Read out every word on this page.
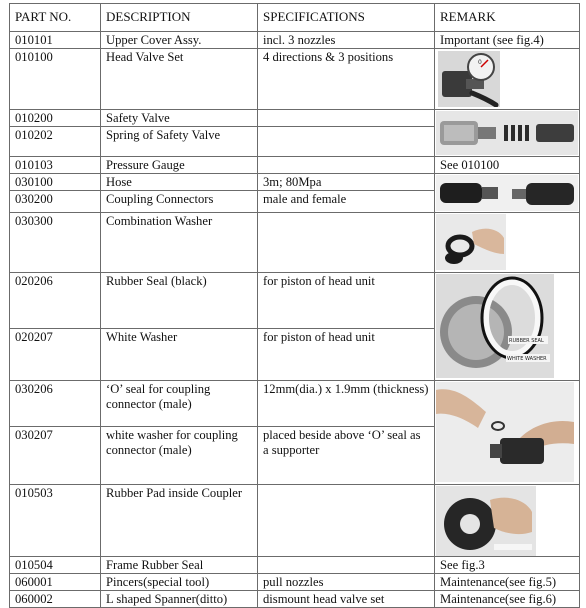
PART NO.	DESCRIPTION	SPECIFICATIONS	REMARK
010101	Upper Cover Assy.	incl. 3 nozzles	Important (see fig.4)
010100	Head Valve Set	4 directions & 3 positions	0

010200	Safety Valve		

010202	Spring of Safety Valve		
010103	Pressure Gauge		See 010100
030100	Hose	3m; 80Mpa	

030200	Coupling Connectors	male and female	
030300	Combination Washer		

020206	Rubber Seal (black)	for piston of head unit	RUBBER SEAL
WHITE WASHER

020207	White Washer	for piston of head unit	
030206	‘O’ seal for coupling connector (male)	12mm(dia.) x 1.9mm (thickness)	

030207	white washer for coupling connector (male)	placed beside above ‘O’ seal as a supporter	
010503	Rubber Pad inside Coupler		

010504	Frame Rubber Seal		See fig.3
060001	Pincers(special tool)	pull nozzles	Maintenance(see fig.5)
060002	L shaped Spanner(ditto)	dismount head valve set	Maintenance(see fig.6)
